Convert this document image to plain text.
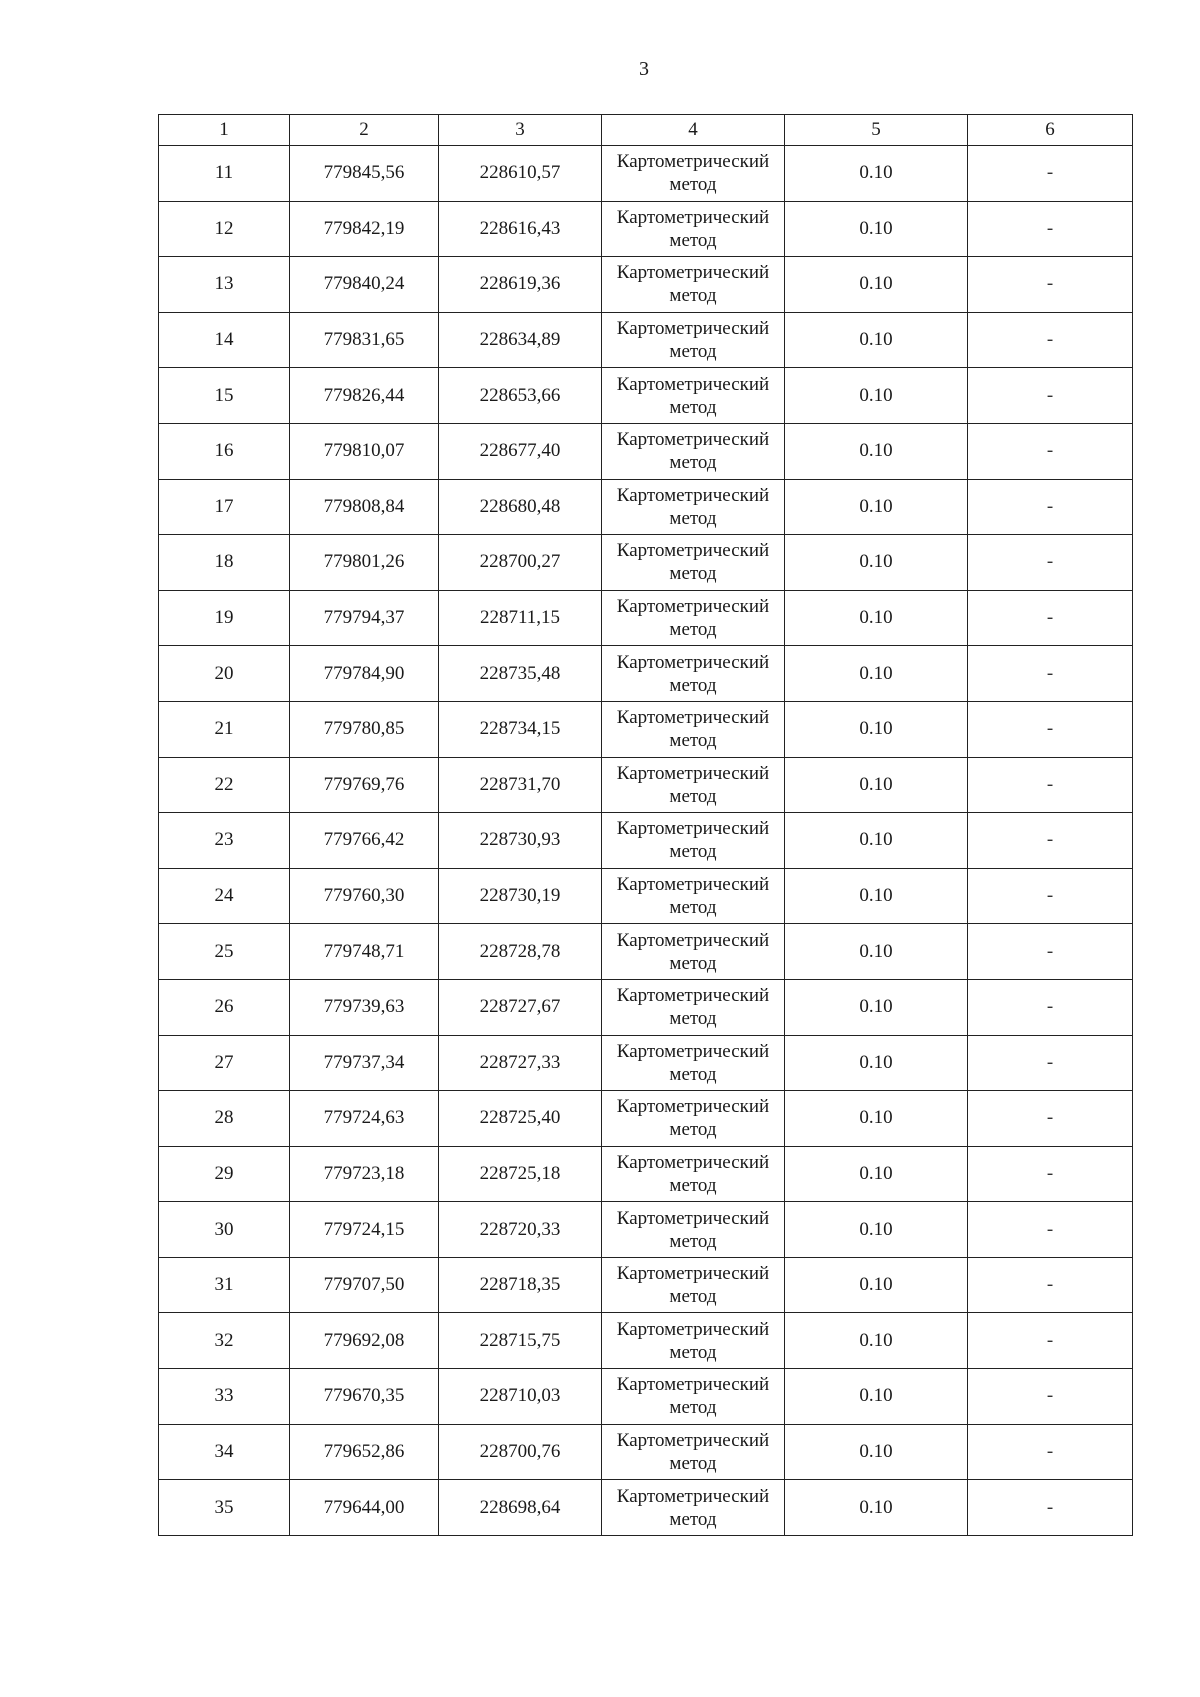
3
1	2	3	4	5	6
11	779845,56	228610,57	Картометрический
метод	0.10	-
12	779842,19	228616,43	Картометрический
метод	0.10	-
13	779840,24	228619,36	Картометрический
метод	0.10	-
14	779831,65	228634,89	Картометрический
метод	0.10	-
15	779826,44	228653,66	Картометрический
метод	0.10	-
16	779810,07	228677,40	Картометрический
метод	0.10	-
17	779808,84	228680,48	Картометрический
метод	0.10	-
18	779801,26	228700,27	Картометрический
метод	0.10	-
19	779794,37	228711,15	Картометрический
метод	0.10	-
20	779784,90	228735,48	Картометрический
метод	0.10	-
21	779780,85	228734,15	Картометрический
метод	0.10	-
22	779769,76	228731,70	Картометрический
метод	0.10	-
23	779766,42	228730,93	Картометрический
метод	0.10	-
24	779760,30	228730,19	Картометрический
метод	0.10	-
25	779748,71	228728,78	Картометрический
метод	0.10	-
26	779739,63	228727,67	Картометрический
метод	0.10	-
27	779737,34	228727,33	Картометрический
метод	0.10	-
28	779724,63	228725,40	Картометрический
метод	0.10	-
29	779723,18	228725,18	Картометрический
метод	0.10	-
30	779724,15	228720,33	Картометрический
метод	0.10	-
31	779707,50	228718,35	Картометрический
метод	0.10	-
32	779692,08	228715,75	Картометрический
метод	0.10	-
33	779670,35	228710,03	Картометрический
метод	0.10	-
34	779652,86	228700,76	Картометрический
метод	0.10	-
35	779644,00	228698,64	Картометрический
метод	0.10	-
